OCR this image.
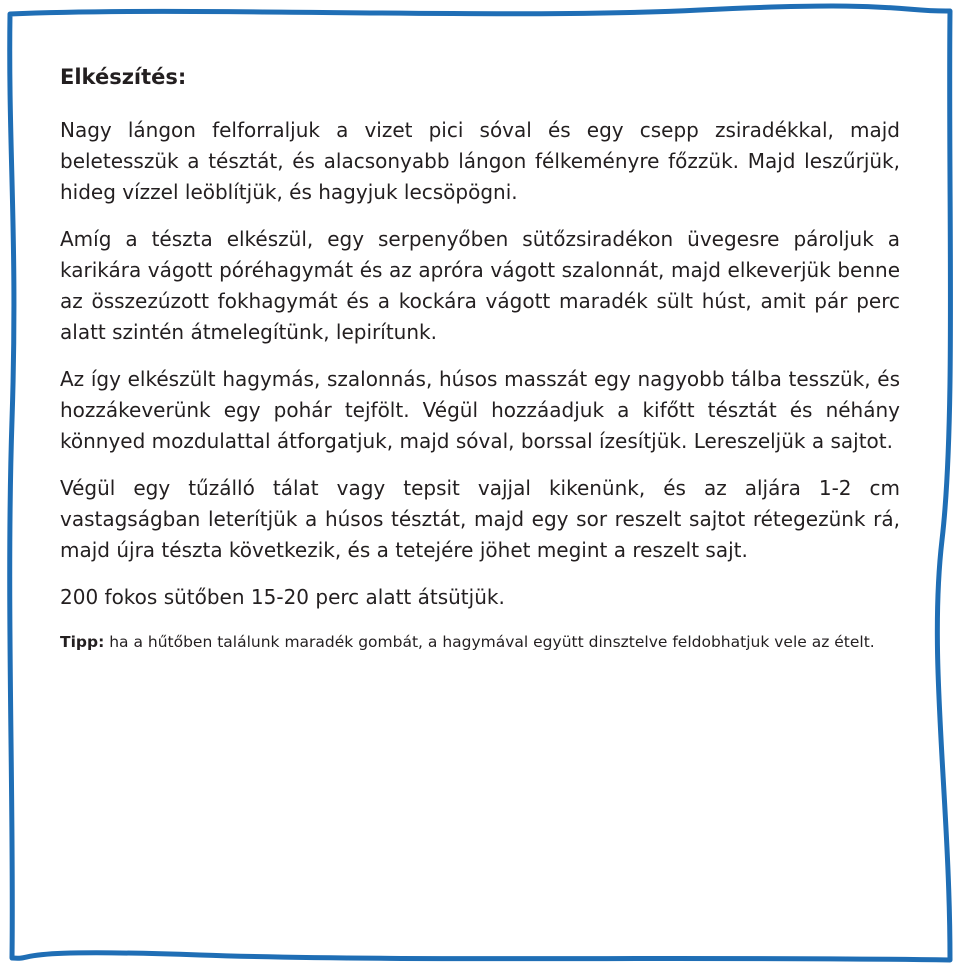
Elkészítés:

Nagy lángon felforraljuk a vizet pici sóval és egy csepp zsiradékkal, majd beletesszük a tésztát, és alacsonyabb lángon félkeményre főzzük. Majd leszűrjük, hideg vízzel leöblítjük, és hagyjuk lecsöpögni.

Amíg a tészta elkészül, egy serpenyőben sütőzsiradékon üvegesre pároljuk a karikára vágott póréhagymát és az apróra vágott szalonnát, majd elkeverjük benne az összezúzott fokhagymát és a kockára vágott maradék sült húst, amit pár perc alatt szintén átmelegítünk, lepirítunk.

Az így elkészült hagymás, szalonnás, húsos masszát egy nagyobb tálba tesszük, és hozzákeverünk egy pohár tejfölt. Végül hozzáadjuk a kifőtt tésztát és néhány könnyed mozdulattal átforgatjuk, majd sóval, borssal ízesítjük. Lereszeljük a sajtot.

Végül egy tűzálló tálat vagy tepsit vajjal kikenünk, és az aljára 1-2 cm vastagságban leterítjük a húsos tésztát, majd egy sor reszelt sajtot rétegezünk rá, majd újra tészta következik, és a tetejére jöhet megint a reszelt sajt.

200 fokos sütőben 15-20 perc alatt átsütjük.

Tipp: ha a hűtőben találunk maradék gombát, a hagymával együtt dinsztelve feldobhatjuk vele az ételt.
